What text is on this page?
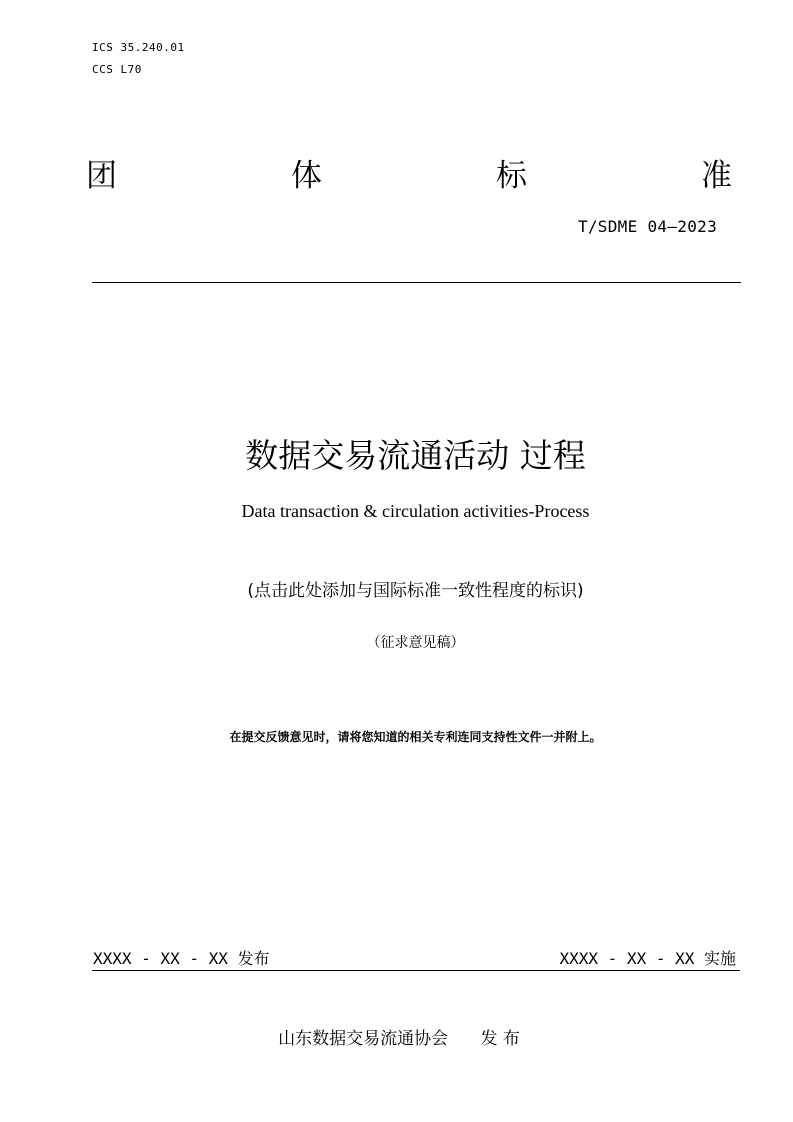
ICS 35.240.01
CCS L70
团	体	标	准
T/SDME 04—2023
数据交易流通活动 过程
Data transaction & circulation activities-Process
(点击此处添加与国际标准一致性程度的标识)
（征求意见稿）
在提交反馈意见时，请将您知道的相关专利连同支持性文件一并附上。
XXXX - XX - XX 发布	XXXX - XX - XX 实施
山东数据交易流通协会      发 布
